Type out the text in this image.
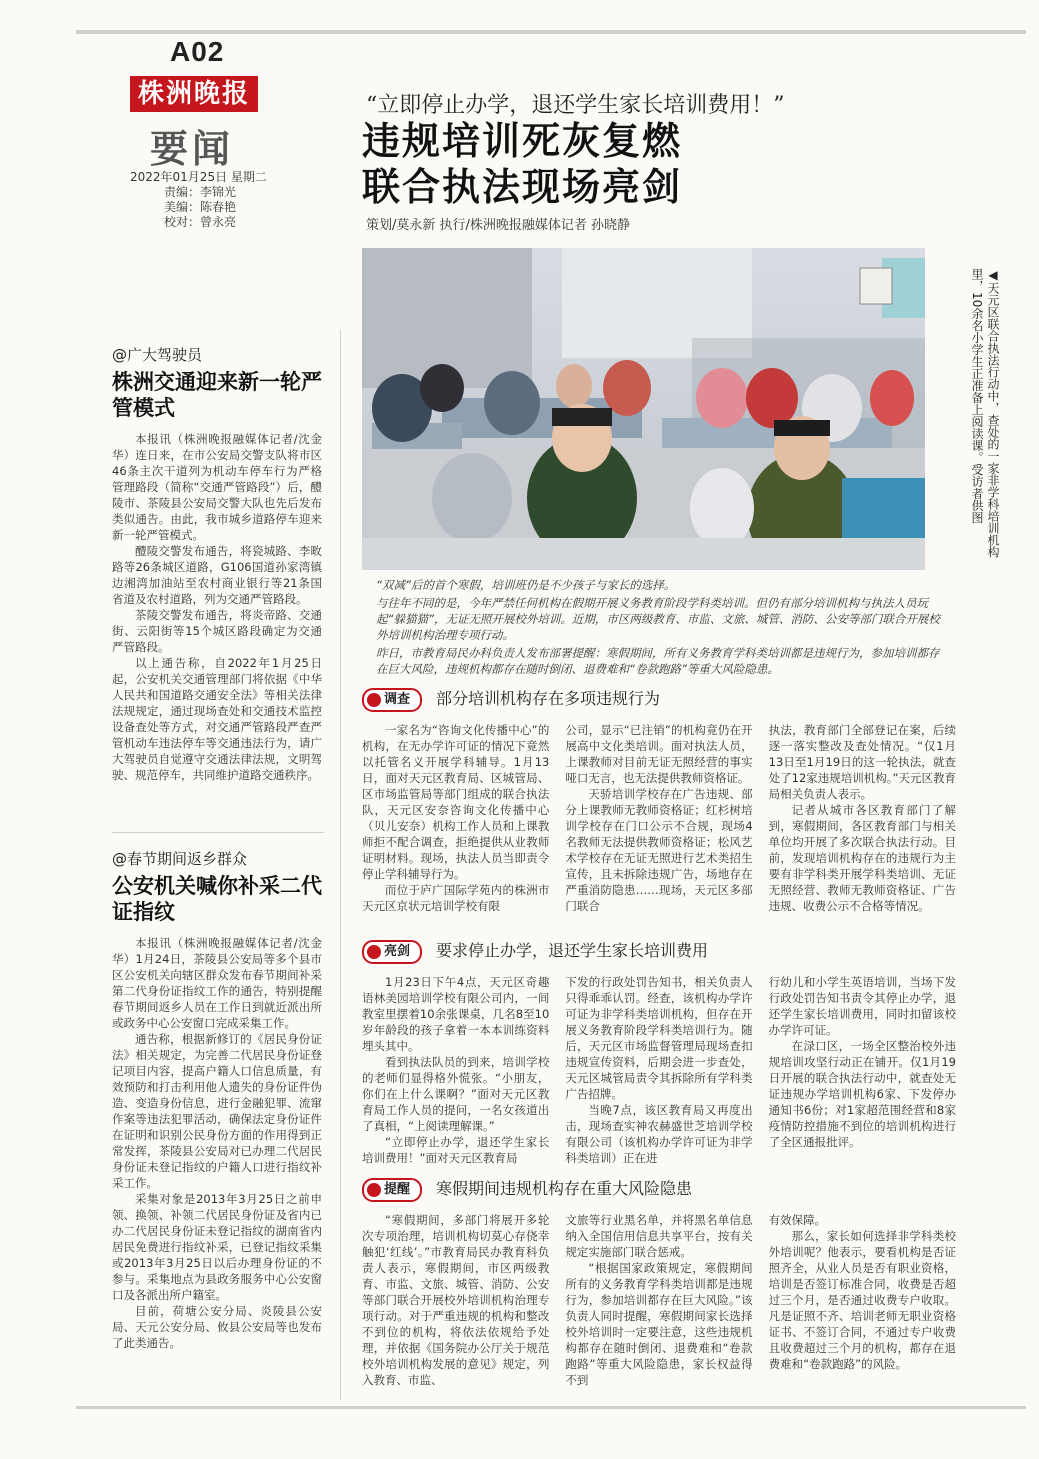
A02
株洲晚报
要闻
2022年01月25日 星期二
责编：李锦光
美编：陈春艳
校对：曾永亮
“立即停止办学，退还学生家长培训费用！”
违规培训死灰复燃
联合执法现场亮剑
策划/莫永新 执行/株洲晚报融媒体记者 孙晓静
◀天元区联合执法行动中，查处的一家非学科培训机构里，10余名小学生正准备上阅读课。受访者供图

“双减”后的首个寒假，培训班仍是不少孩子与家长的选择。

与往年不同的是，今年严禁任何机构在假期开展义务教育阶段学科类培训。但仍有部分培训机构与执法人员玩起“躲猫猫”，无证无照开展校外培训。近期，市区两级教育、市监、文旅、城管、消防、公安等部门联合开展校外培训机构治理专项行动。

昨日，市教育局民办科负责人发布部署提醒：寒假期间，所有义务教育学科类培训都是违规行为，参加培训都存在巨大风险，违规机构都存在随时倒闭、退费难和“卷款跑路”等重大风险隐患。

@广大驾驶员
株洲交通迎来新一轮严管模式

本报讯（株洲晚报融媒体记者/沈金华）连日来，在市公安局交警支队将市区46条主次干道列为机动车停车行为严格管理路段（简称“交通严管路段”）后，醴陵市、茶陵县公安局交警大队也先后发布类似通告。由此，我市城乡道路停车迎来新一轮严管模式。

醴陵交警发布通告，将瓷城路、李畋路等26条城区道路，G106国道孙家湾镇边湘湾加油站至农村商业银行等21条国省道及农村道路，列为交通严管路段。

茶陵交警发布通告，将炎帝路、交通街、云阳街等15个城区路段确定为交通严管路段。

以上通告称，自2022年1月25日起，公安机关交通管理部门将依据《中华人民共和国道路交通安全法》等相关法律法规规定，通过现场查处和交通技术监控设备查处等方式，对交通严管路段严查严管机动车违法停车等交通违法行为，请广大驾驶员自觉遵守交通法律法规，文明驾驶、规范停车，共同维护道路交通秩序。

@春节期间返乡群众
公安机关喊你补采二代证指纹

本报讯（株洲晚报融媒体记者/沈金华）1月24日，茶陵县公安局等多个县市区公安机关向辖区群众发布春节期间补采第二代身份证指纹工作的通告，特别提醒春节期间返乡人员在工作日到就近派出所或政务中心公安窗口完成采集工作。

通告称，根据新修订的《居民身份证法》相关规定，为完善二代居民身份证登记项目内容，提高户籍人口信息质量，有效预防和打击利用他人遗失的身份证件伪造、变造身份信息，进行金融犯罪、流窜作案等违法犯罪活动，确保法定身份证件在证明和识别公民身份方面的作用得到正常发挥，茶陵县公安局对已办理二代居民身份证未登记指纹的户籍人口进行指纹补采工作。

采集对象是2013年3月25日之前申领、换领、补领二代居民身份证及省内已办二代居民身份证未登记指纹的湖南省内居民免费进行指纹补采，已登记指纹采集或2013年3月25日以后办理身份证的不参与。采集地点为县政务服务中心公安窗口及各派出所户籍室。

目前，荷塘公安分局、炎陵县公安局、天元公安分局、攸县公安局等也发布了此类通告。

调查 部分培训机构存在多项违规行为

一家名为“咨询文化传播中心”的机构，在无办学许可证的情况下竟然以托管名义开展学科辅导。1月13日，面对天元区教育局、区城管局、区市场监管局等部门组成的联合执法队，天元区安奈咨询文化传播中心（贝儿安奈）机构工作人员和上课教师拒不配合调查，拒绝提供从业教师证明材料。现场，执法人员当即责令停止学科辅导行为。

而位于庐广国际学苑内的株洲市天元区京状元培训学校有限

公司，显示“已注销”的机构竟仍在开展高中文化类培训。面对执法人员，上课教师对目前无证无照经营的事实哑口无言，也无法提供教师资格证。

天骄培训学校存在广告违规、部分上课教师无教师资格证；红杉树培训学校存在门口公示不合规，现场4名教师无法提供教师资格证；松风艺术学校存在无证无照进行艺术类招生宣传，且未拆除违规广告，场地存在严重消防隐患……现场，天元区多部门联合

执法，教育部门全部登记在案，后续逐一落实整改及查处情况。“仅1月13日至1月19日的这一轮执法，就查处了12家违规培训机构。”天元区教育局相关负责人表示。

记者从城市各区教育部门了解到，寒假期间，各区教育部门与相关单位均开展了多次联合执法行动。目前，发现培训机构存在的违规行为主要有非学科类开展学科类培训、无证无照经营、教师无教师资格证、广告违规、收费公示不合格等情况。

亮剑 要求停止办学，退还学生家长培训费用

1月23日下午4点，天元区奇趣语林美园培训学校有限公司内，一间教室里摆着10余张课桌，几名8至10岁年龄段的孩子拿着一本本训练资料埋头其中。

看到执法队员的到来，培训学校的老师们显得格外慌张。“小朋友，你们在上什么课啊？”面对天元区教育局工作人员的提问，一名女孩道出了真相，“上阅读理解课。”

“立即停止办学，退还学生家长培训费用！”面对天元区教育局

下发的行政处罚告知书，相关负责人只得乖乖认罚。经查，该机构办学许可证为非学科类培训机构，但存在开展义务教育阶段学科类培训行为。随后，天元区市场监督管理局现场查扣违规宣传资料，后期会进一步查处，天元区城管局责令其拆除所有学科类广告招牌。

当晚7点，该区教育局又再度出击，现场查实神农赫盛世芝培训学校有限公司（该机构办学许可证为非学科类培训）正在进

行幼儿和小学生英语培训，当场下发行政处罚告知书责令其停止办学，退还学生家长培训费用，同时扣留该校办学许可证。

在渌口区，一场全区整治校外违规培训攻坚行动正在铺开。仅1月19日开展的联合执法行动中，就查处无证违规办学培训机构6家、下发停办通知书6份；对1家超范围经营和8家疫情防控措施不到位的培训机构进行了全区通报批评。

提醒 寒假期间违规机构存在重大风险隐患

“寒假期间，多部门将展开多轮次专项治理，培训机构切莫心存侥幸触犯‘红线’。”市教育局民办教育科负责人表示，寒假期间，市区两级教育、市监、文旅、城管、消防、公安等部门联合开展校外培训机构治理专项行动。对于严重违规的机构和整改不到位的机构，将依法依规给予处理，并依据《国务院办公厅关于规范校外培训机构发展的意见》规定，列入教育、市监、

文旅等行业黑名单，并将黑名单信息纳入全国信用信息共享平台，按有关规定实施部门联合惩戒。

“根据国家政策规定，寒假期间所有的义务教育学科类培训都是违规行为，参加培训都存在巨大风险。”该负责人同时提醒，寒假期间家长选择校外培训时一定要注意，这些违规机构都存在随时倒闭、退费难和“卷款跑路”等重大风险隐患，家长权益得不到

有效保障。

那么，家长如何选择非学科类校外培训呢？他表示，要看机构是否证照齐全，从业人员是否有职业资格，培训是否签订标准合同，收费是否超过三个月，是否通过收费专户收取。凡是证照不齐、培训老师无职业资格证书、不签订合同，不通过专户收费且收费超过三个月的机构，都存在退费难和“卷款跑路”的风险。
